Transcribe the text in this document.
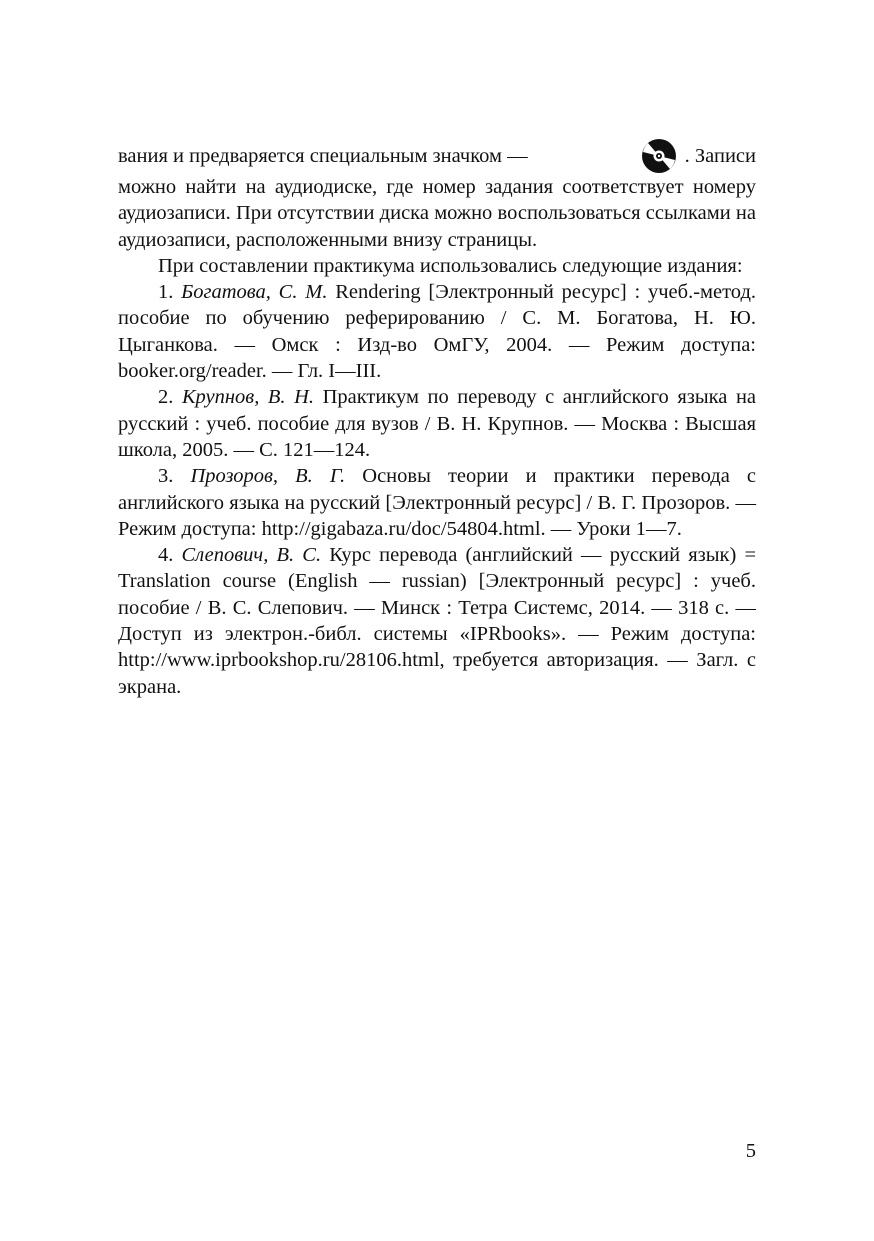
вания и предваряется специальным значком —	. Записи

можно найти на аудиодиске, где номер задания соответствует номеру аудиозаписи. При отсутствии диска можно воспользоваться ссылками на аудиозаписи, расположенными внизу страницы.

При составлении практикума использовались следующие издания:

1. Богатова, С. М. Rendering [Электронный ресурс] : учеб.-метод. пособие по обучению реферированию / С. М. Богатова, Н. Ю. Цыганкова. — Омск : Изд-во ОмГУ, 2004. — Режим доступа: booker.org/reader. — Гл. I—III.

2. Крупнов, В. Н. Практикум по переводу с английского языка на русский : учеб. пособие для вузов / В. Н. Крупнов. — Москва : Высшая школа, 2005. — С. 121—124.

3. Прозоров, В. Г. Основы теории и практики перевода с английского языка на русский [Электронный ресурс] / В. Г. Прозоров. — Режим доступа: http://gigabaza.ru/doc/54804.html. — Уроки 1—7.

4. Слепович, В. С. Курс перевода (английский — русский язык) = Translation course (English — russian) [Электронный ресурс] : учеб. пособие / В. С. Слепович. — Минск : Тетра Системс, 2014. — 318 с. — Доступ из электрон.-библ. системы «IPRbooks». — Режим доступа: http://www.iprbookshop.ru/28106.html, требуется авторизация. — Загл. с экрана.

5
